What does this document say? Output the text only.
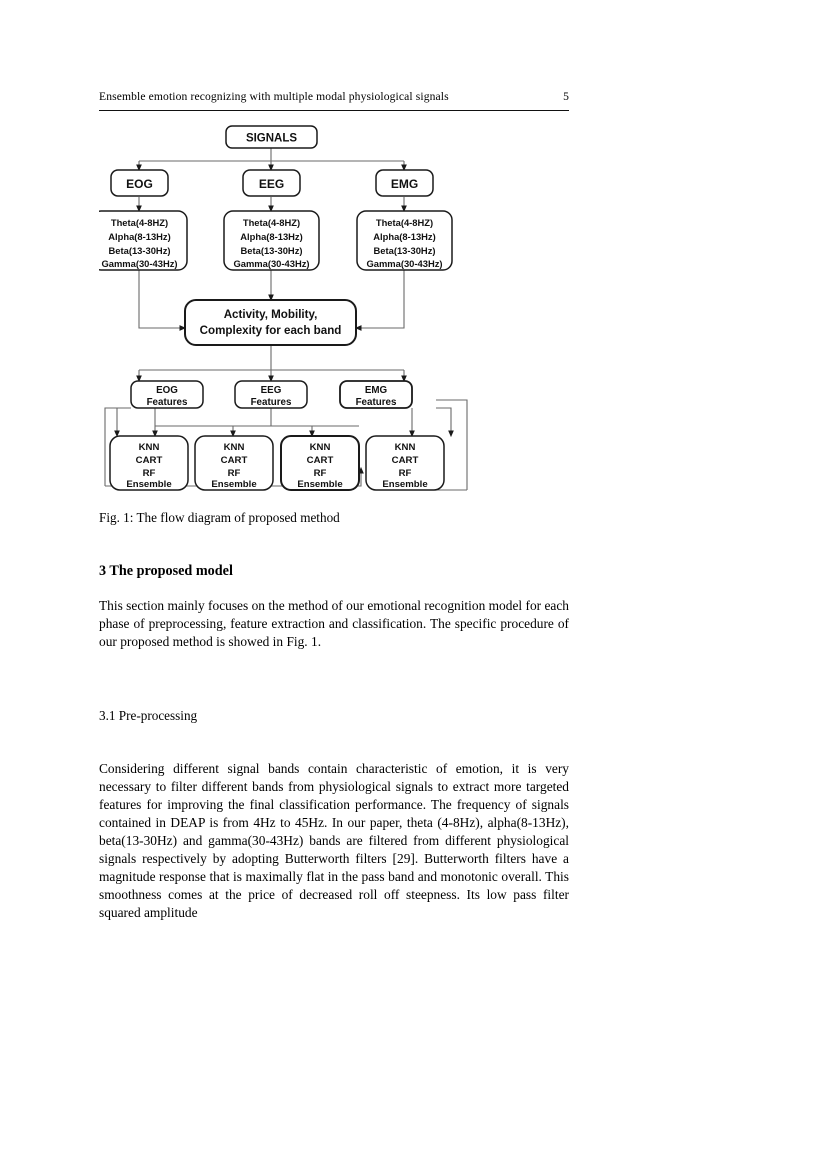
Ensemble emotion recognizing with multiple modal physiological signals	5
SIGNALS
EOG	EEG	EMG
Theta(4-8HZ)
Alpha(8-13Hz)
Beta(13-30Hz)
Gamma(30-43Hz)
Theta(4-8HZ)
Alpha(8-13Hz)
Beta(13-30Hz)
Gamma(30-43Hz)
Theta(4-8HZ)
Alpha(8-13Hz)
Beta(13-30Hz)
Gamma(30-43Hz)
Activity, Mobility,
Complexity for each band
EOG
Features
EEG
Features
EMG
Features
KNN
CART
RF
Ensemble
KNN
CART
RF
Ensemble
KNN
CART
RF
Ensemble
KNN
CART
RF
Ensemble
Fig. 1: The flow diagram of proposed method
3 The proposed model
This section mainly focuses on the method of our emotional recognition model for each phase of preprocessing, feature extraction and classification. The specific procedure of our proposed method is showed in Fig. 1.
3.1 Pre-processing
Considering different signal bands contain characteristic of emotion, it is very necessary to filter different bands from physiological signals to extract more targeted features for improving the final classification performance. The frequency of signals contained in DEAP is from 4Hz to 45Hz. In our paper, theta (4-8Hz), alpha(8-13Hz), beta(13-30Hz) and gamma(30-43Hz) bands are filtered from different physiological signals respectively by adopting Butterworth filters [29]. Butterworth filters have a magnitude response that is maximally flat in the pass band and monotonic overall. This smoothness comes at the price of decreased roll off steepness. Its low pass filter squared amplitude
